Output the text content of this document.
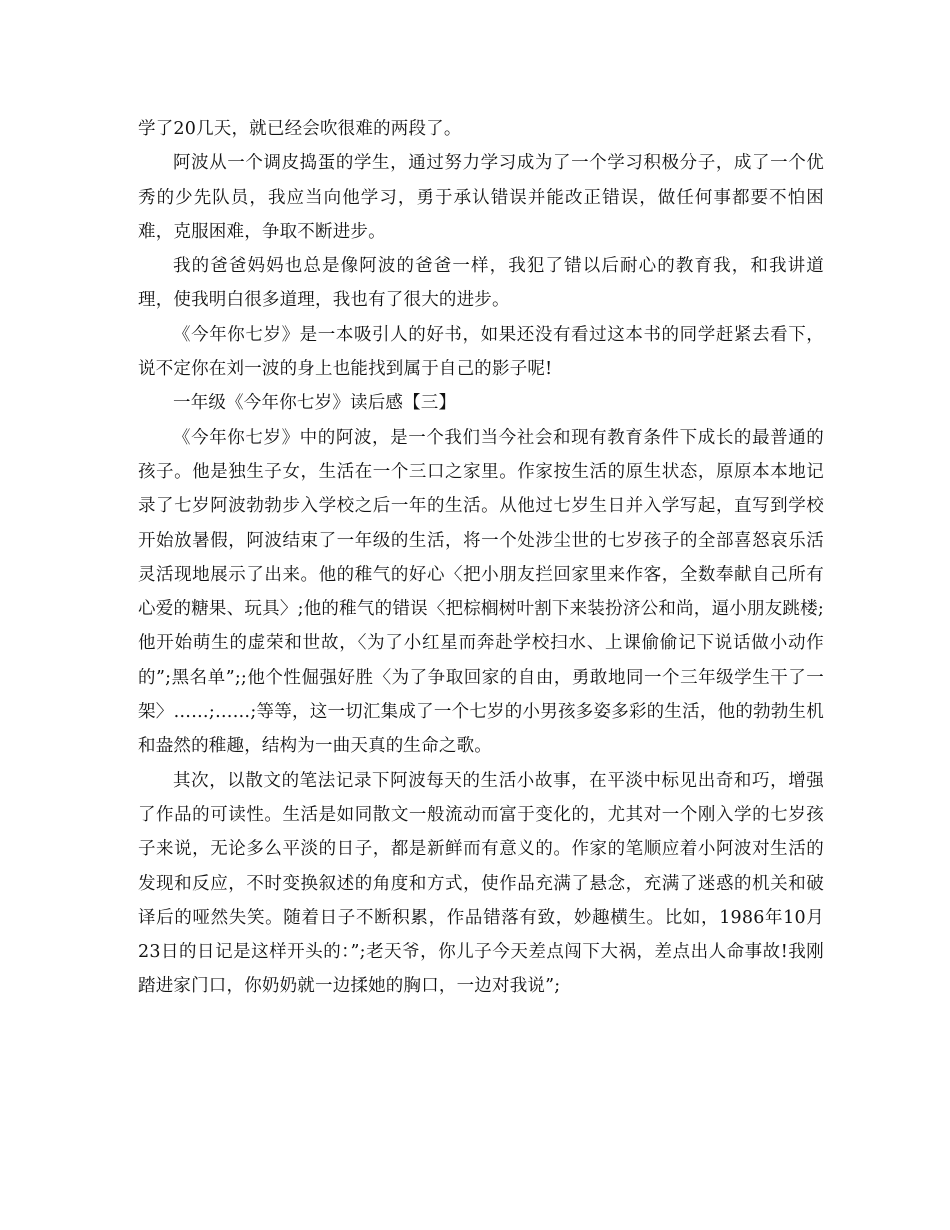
学了20几天，就已经会吹很难的两段了。

阿波从一个调皮捣蛋的学生，通过努力学习成为了一个学习积极分子，成了一个优秀的少先队员，我应当向他学习，勇于承认错误并能改正错误，做任何事都要不怕困难，克服困难，争取不断进步。

我的爸爸妈妈也总是像阿波的爸爸一样，我犯了错以后耐心的教育我，和我讲道理，使我明白很多道理，我也有了很大的进步。

《今年你七岁》是一本吸引人的好书，如果还没有看过这本书的同学赶紧去看下，说不定你在刘一波的身上也能找到属于自己的影子呢!

一年级《今年你七岁》读后感【三】

《今年你七岁》中的阿波，是一个我们当今社会和现有教育条件下成长的最普通的孩子。他是独生子女，生活在一个三口之家里。作家按生活的原生状态，原原本本地记录了七岁阿波勃勃步入学校之后一年的生活。从他过七岁生日并入学写起，直写到学校开始放暑假，阿波结束了一年级的生活，将一个处涉尘世的七岁孩子的全部喜怒哀乐活灵活现地展示了出来。他的稚气的好心〈把小朋友拦回家里来作客，全数奉献自己所有心爱的糖果、玩具〉;他的稚气的错误〈把棕榈树叶割下来装扮济公和尚，逼小朋友跳楼;他开始萌生的虚荣和世故，〈为了小红星而奔赴学校扫水、上课偷偷记下说话做小动作的”;黑名单”;;他个性倔强好胜〈为了争取回家的自由，勇敢地同一个三年级学生干了一架〉……;……;等等，这一切汇集成了一个七岁的小男孩多姿多彩的生活，他的勃勃生机和盎然的稚趣，结构为一曲天真的生命之歌。

其次，以散文的笔法记录下阿波每天的生活小故事，在平淡中标见出奇和巧，增强了作品的可读性。生活是如同散文一般流动而富于变化的，尤其对一个刚入学的七岁孩子来说，无论多么平淡的日子，都是新鲜而有意义的。作家的笔顺应着小阿波对生活的发现和反应，不时变换叙述的角度和方式，使作品充满了悬念，充满了迷惑的机关和破译后的哑然失笑。随着日子不断积累，作品错落有致，妙趣横生。比如，1986年10月23日的日记是这样开头的：”;老天爷，你儿子今天差点闯下大祸，差点出人命事故!我刚踏进家门口，你奶奶就一边揉她的胸口，一边对我说”;
